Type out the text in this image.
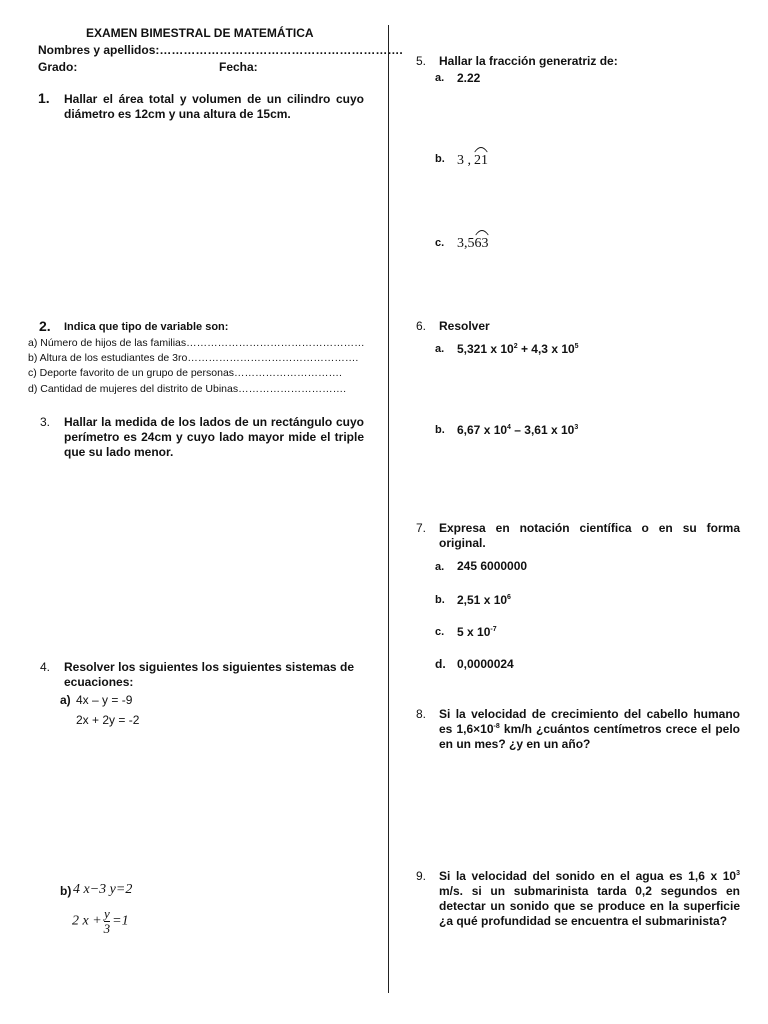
EXAMEN BIMESTRAL DE MATEMÁTICA
Nombres y apellidos:…………………………………………………….
Grado:	Fecha:
1. Hallar el área total y volumen de un cilindro cuyo diámetro es 12cm y una altura de 15cm.
2. Indica que tipo de variable son:
a) Número de hijos de las familias……………………………………………
b) Altura de los estudiantes de 3ro………………………………………….
c) Deporte favorito de un grupo de personas………………………….
d) Cantidad de mujeres del distrito de Ubinas………………………….
3. Hallar la medida de los lados de un rectángulo cuyo perímetro es 24cm y cuyo lado mayor mide el triple que su lado menor.
4. Resolver los siguientes los siguientes sistemas de ecuaciones:
a) 4x – y = -9
2x + 2y = -2
b) 4 x−3 y=2
2 $x + \frac{y}{3} =1$
5. Hallar la fracción generatriz de:
a. 2.22
b. 3 , 21
c. 3,5
63
6. Resolver
a. 5,321 x $10^2 + 4,3$ x $10^5$
b. 6,67 x $10^4 - 3,61$ x $10^3$
7. Expresa en notación científica o en su forma original.
a. 245 6000000
b. 2,51 x $10^6$
c. 5 x $10^{-7}$
d. 0,0000024
8. Si la velocidad de crecimiento del cabello humano es $1,6\times 10^{-8}$ km/h ¿cuántos centímetros crece el pelo en un mes? ¿y en un año?
9. Si la velocidad del sonido en el agua es 1,6 x $10^3$ m/s. si un submarinista tarda 0,2 segundos en detectar un sonido que se produce en la superficie ¿a qué profundidad se encuentra el submarinista?
